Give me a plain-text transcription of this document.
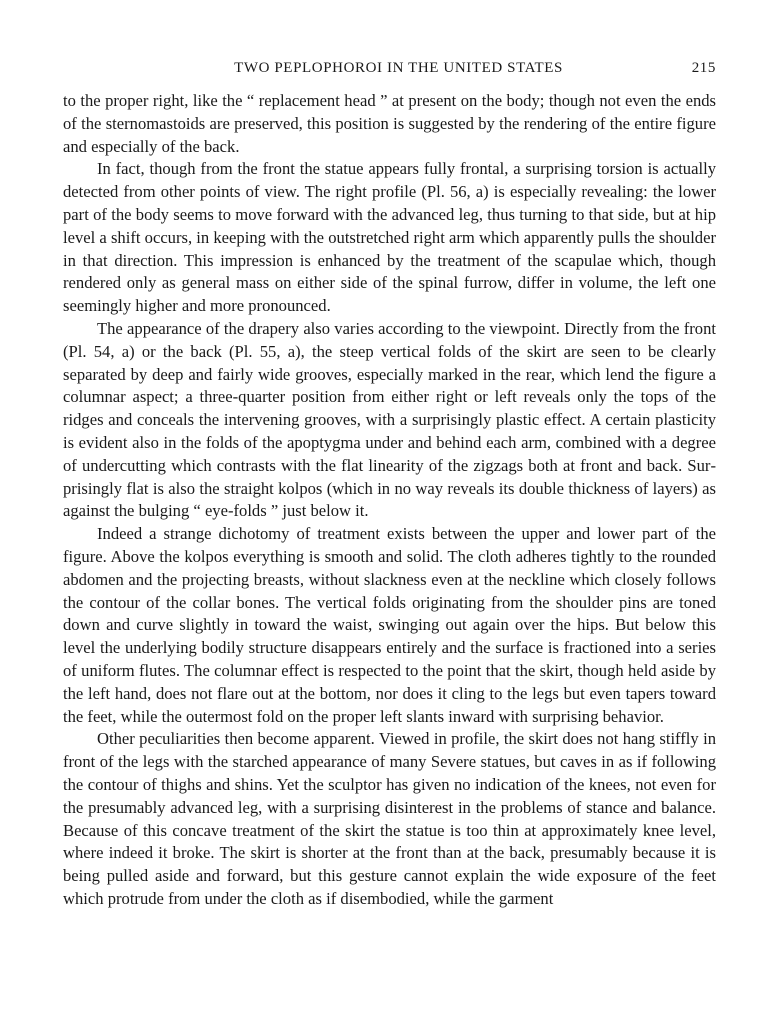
TWO PEPLOPHOROI IN THE UNITED STATES	215

to the proper right, like the “ replacement head ” at present on the body; though not even the ends of the sternomastoids are preserved, this position is suggested by the rendering of the entire figure and especially of the back.

In fact, though from the front the statue appears fully frontal, a surprising torsion is actually detected from other points of view. The right profile (Pl. 56, a) is especially revealing: the lower part of the body seems to move forward with the advanced leg, thus turning to that side, but at hip level a shift occurs, in keeping with the outstretched right arm which apparently pulls the shoulder in that direction. This impression is enhanced by the treatment of the scapulae which, though rendered only as general mass on either side of the spinal furrow, differ in volume, the left one seemingly higher and more pronounced.

The appearance of the drapery also varies according to the viewpoint. Directly from the front (Pl. 54, a) or the back (Pl. 55, a), the steep vertical folds of the skirt are seen to be clearly separated by deep and fairly wide grooves, especially marked in the rear, which lend the figure a columnar aspect; a three-quarter position from either right or left reveals only the tops of the ridges and conceals the intervening grooves, with a surprisingly plastic effect. A certain plasticity is evident also in the folds of the apoptygma under and behind each arm, combined with a degree of undercutting which contrasts with the flat linearity of the zigzags both at front and back. Surprisingly flat is also the straight kolpos (which in no way reveals its double thickness of layers) as against the bulging “ eye-folds ” just below it.

Indeed a strange dichotomy of treatment exists between the upper and lower part of the figure. Above the kolpos everything is smooth and solid. The cloth adheres tightly to the rounded abdomen and the projecting breasts, without slackness even at the neckline which closely follows the contour of the collar bones. The vertical folds originating from the shoulder pins are toned down and curve slightly in toward the waist, swinging out again over the hips. But below this level the underlying bodily structure disappears entirely and the surface is fractioned into a series of uniform flutes. The columnar effect is respected to the point that the skirt, though held aside by the left hand, does not flare out at the bottom, nor does it cling to the legs but even tapers toward the feet, while the outermost fold on the proper left slants inward with surprising behavior.

Other peculiarities then become apparent. Viewed in profile, the skirt does not hang stiffly in front of the legs with the starched appearance of many Severe statues, but caves in as if following the contour of thighs and shins. Yet the sculptor has given no indication of the knees, not even for the presumably advanced leg, with a surprising disinterest in the problems of stance and balance. Because of this concave treatment of the skirt the statue is too thin at approximately knee level, where indeed it broke. The skirt is shorter at the front than at the back, presumably because it is being pulled aside and forward, but this gesture cannot explain the wide exposure of the feet which protrude from under the cloth as if disembodied, while the garment
